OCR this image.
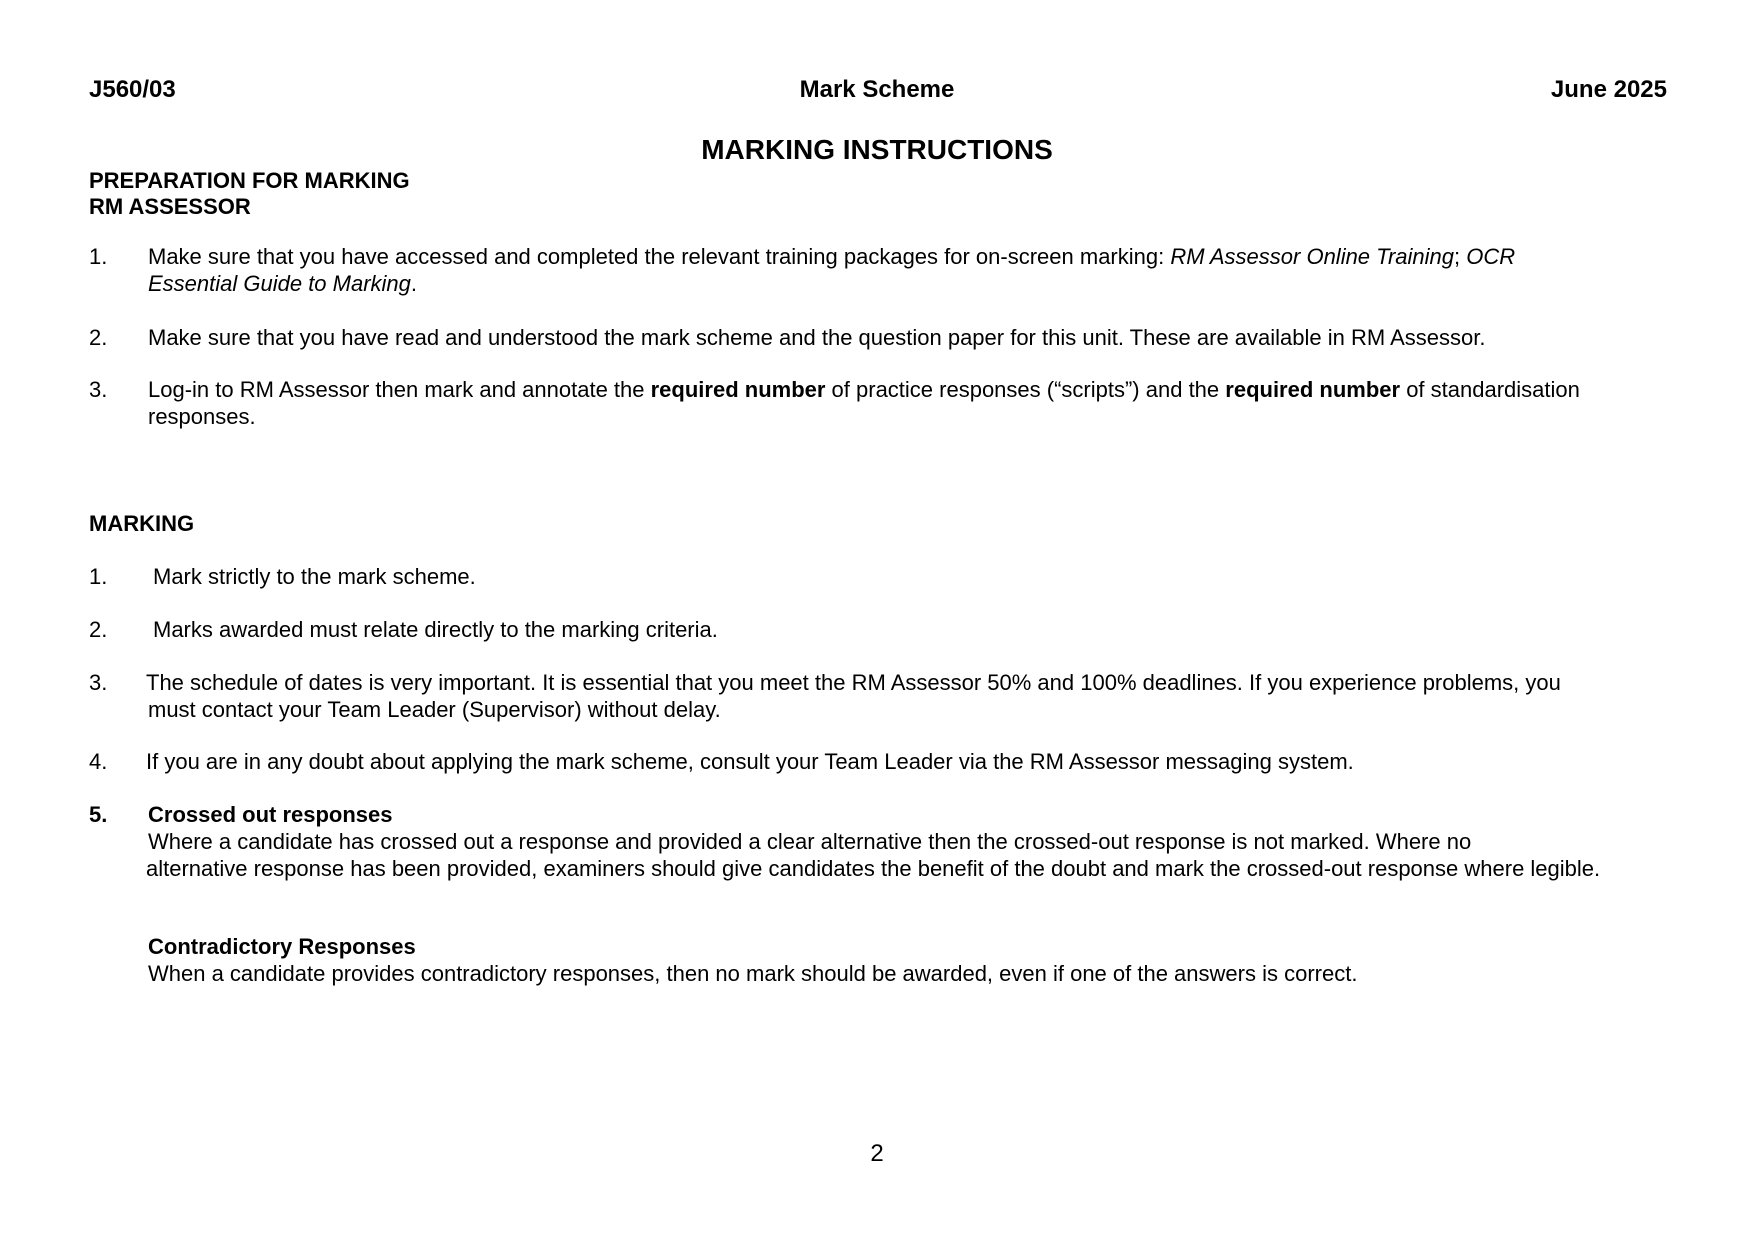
J560/03	Mark Scheme	June 2025
MARKING INSTRUCTIONS
PREPARATION FOR MARKING
RM ASSESSOR
1. Make sure that you have accessed and completed the relevant training packages for on-screen marking: RM Assessor Online Training; OCR
Essential Guide to Marking.
2. Make sure that you have read and understood the mark scheme and the question paper for this unit. These are available in RM Assessor.
3. Log-in to RM Assessor then mark and annotate the required number of practice responses (“scripts”) and the required number of standardisation
responses.
MARKING
1. Mark strictly to the mark scheme.
2. Marks awarded must relate directly to the marking criteria.
3. The schedule of dates is very important. It is essential that you meet the RM Assessor 50% and 100% deadlines. If you experience problems, you
must contact your Team Leader (Supervisor) without delay.
4. If you are in any doubt about applying the mark scheme, consult your Team Leader via the RM Assessor messaging system.
5. Crossed out responses
Where a candidate has crossed out a response and provided a clear alternative then the crossed-out response is not marked. Where no
alternative response has been provided, examiners should give candidates the benefit of the doubt and mark the crossed-out response where legible.
Contradictory Responses
When a candidate provides contradictory responses, then no mark should be awarded, even if one of the answers is correct.
2
